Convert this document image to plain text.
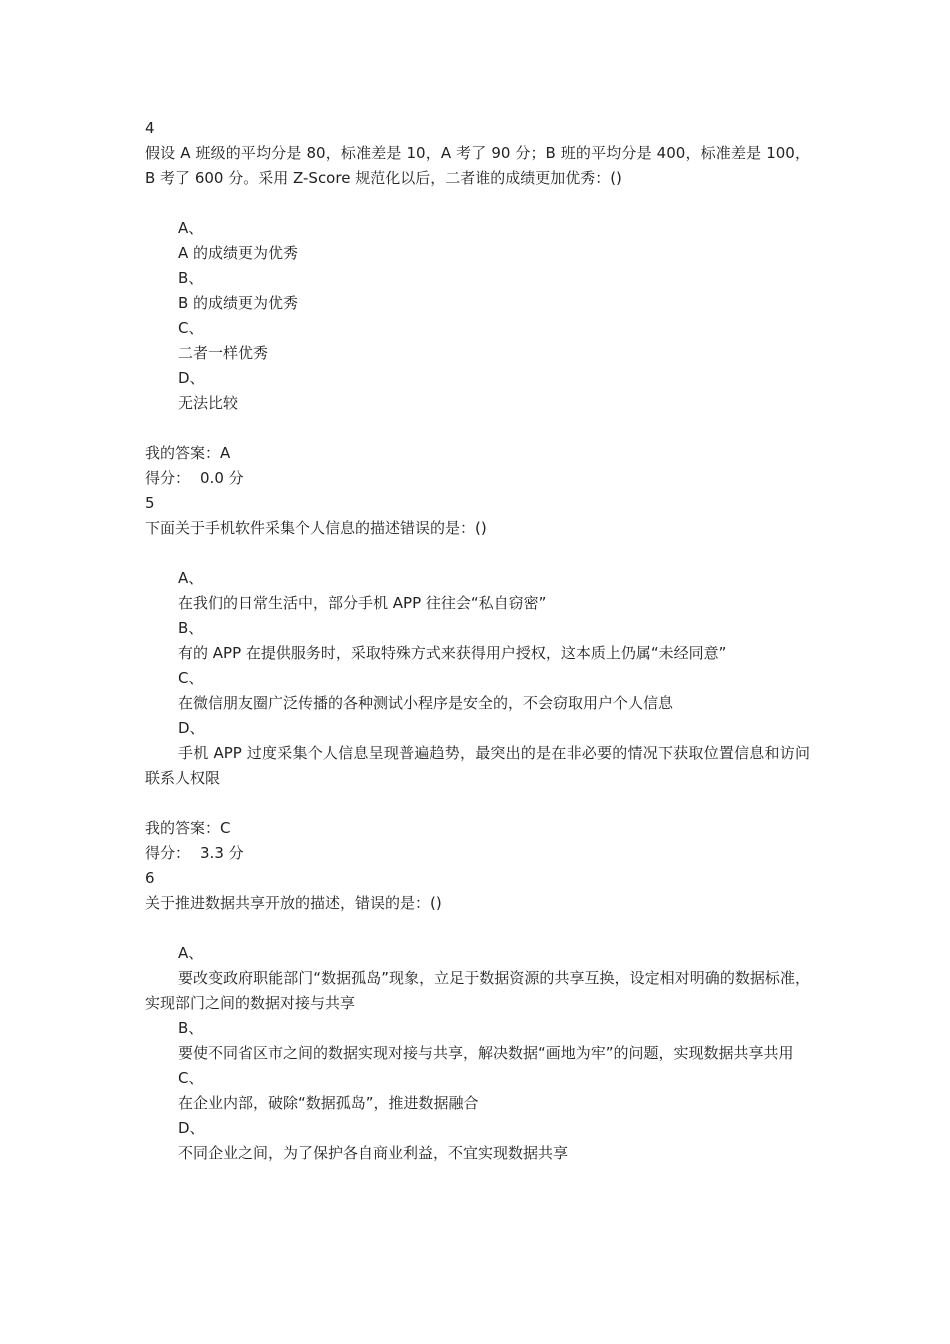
4

假设 A 班级的平均分是 80，标准差是 10，A 考了 90 分；B 班的平均分是 400，标准差是 100，B 考了 600 分。采用 Z-Score 规范化以后，二者谁的成绩更加优秀：()

A、
A 的成绩更为优秀
B、
B 的成绩更为优秀
C、
二者一样优秀
D、
无法比较

我的答案：A

得分： 0.0 分

5

下面关于手机软件采集个人信息的描述错误的是：()

A、
在我们的日常生活中，部分手机 APP 往往会“私自窃密”
B、
有的 APP 在提供服务时，采取特殊方式来获得用户授权，这本质上仍属“未经同意”
C、
在微信朋友圈广泛传播的各种测试小程序是安全的，不会窃取用户个人信息
D、
手机 APP 过度采集个人信息呈现普遍趋势，最突出的是在非必要的情况下获取位置信息和访问联系人权限

我的答案：C

得分： 3.3 分

6

关于推进数据共享开放的描述，错误的是：()

A、
要改变政府职能部门“数据孤岛”现象，立足于数据资源的共享互换，设定相对明确的数据标准，实现部门之间的数据对接与共享
B、
要使不同省区市之间的数据实现对接与共享，解决数据“画地为牢”的问题，实现数据共享共用
C、
在企业内部，破除“数据孤岛”，推进数据融合
D、
不同企业之间，为了保护各自商业利益，不宜实现数据共享
